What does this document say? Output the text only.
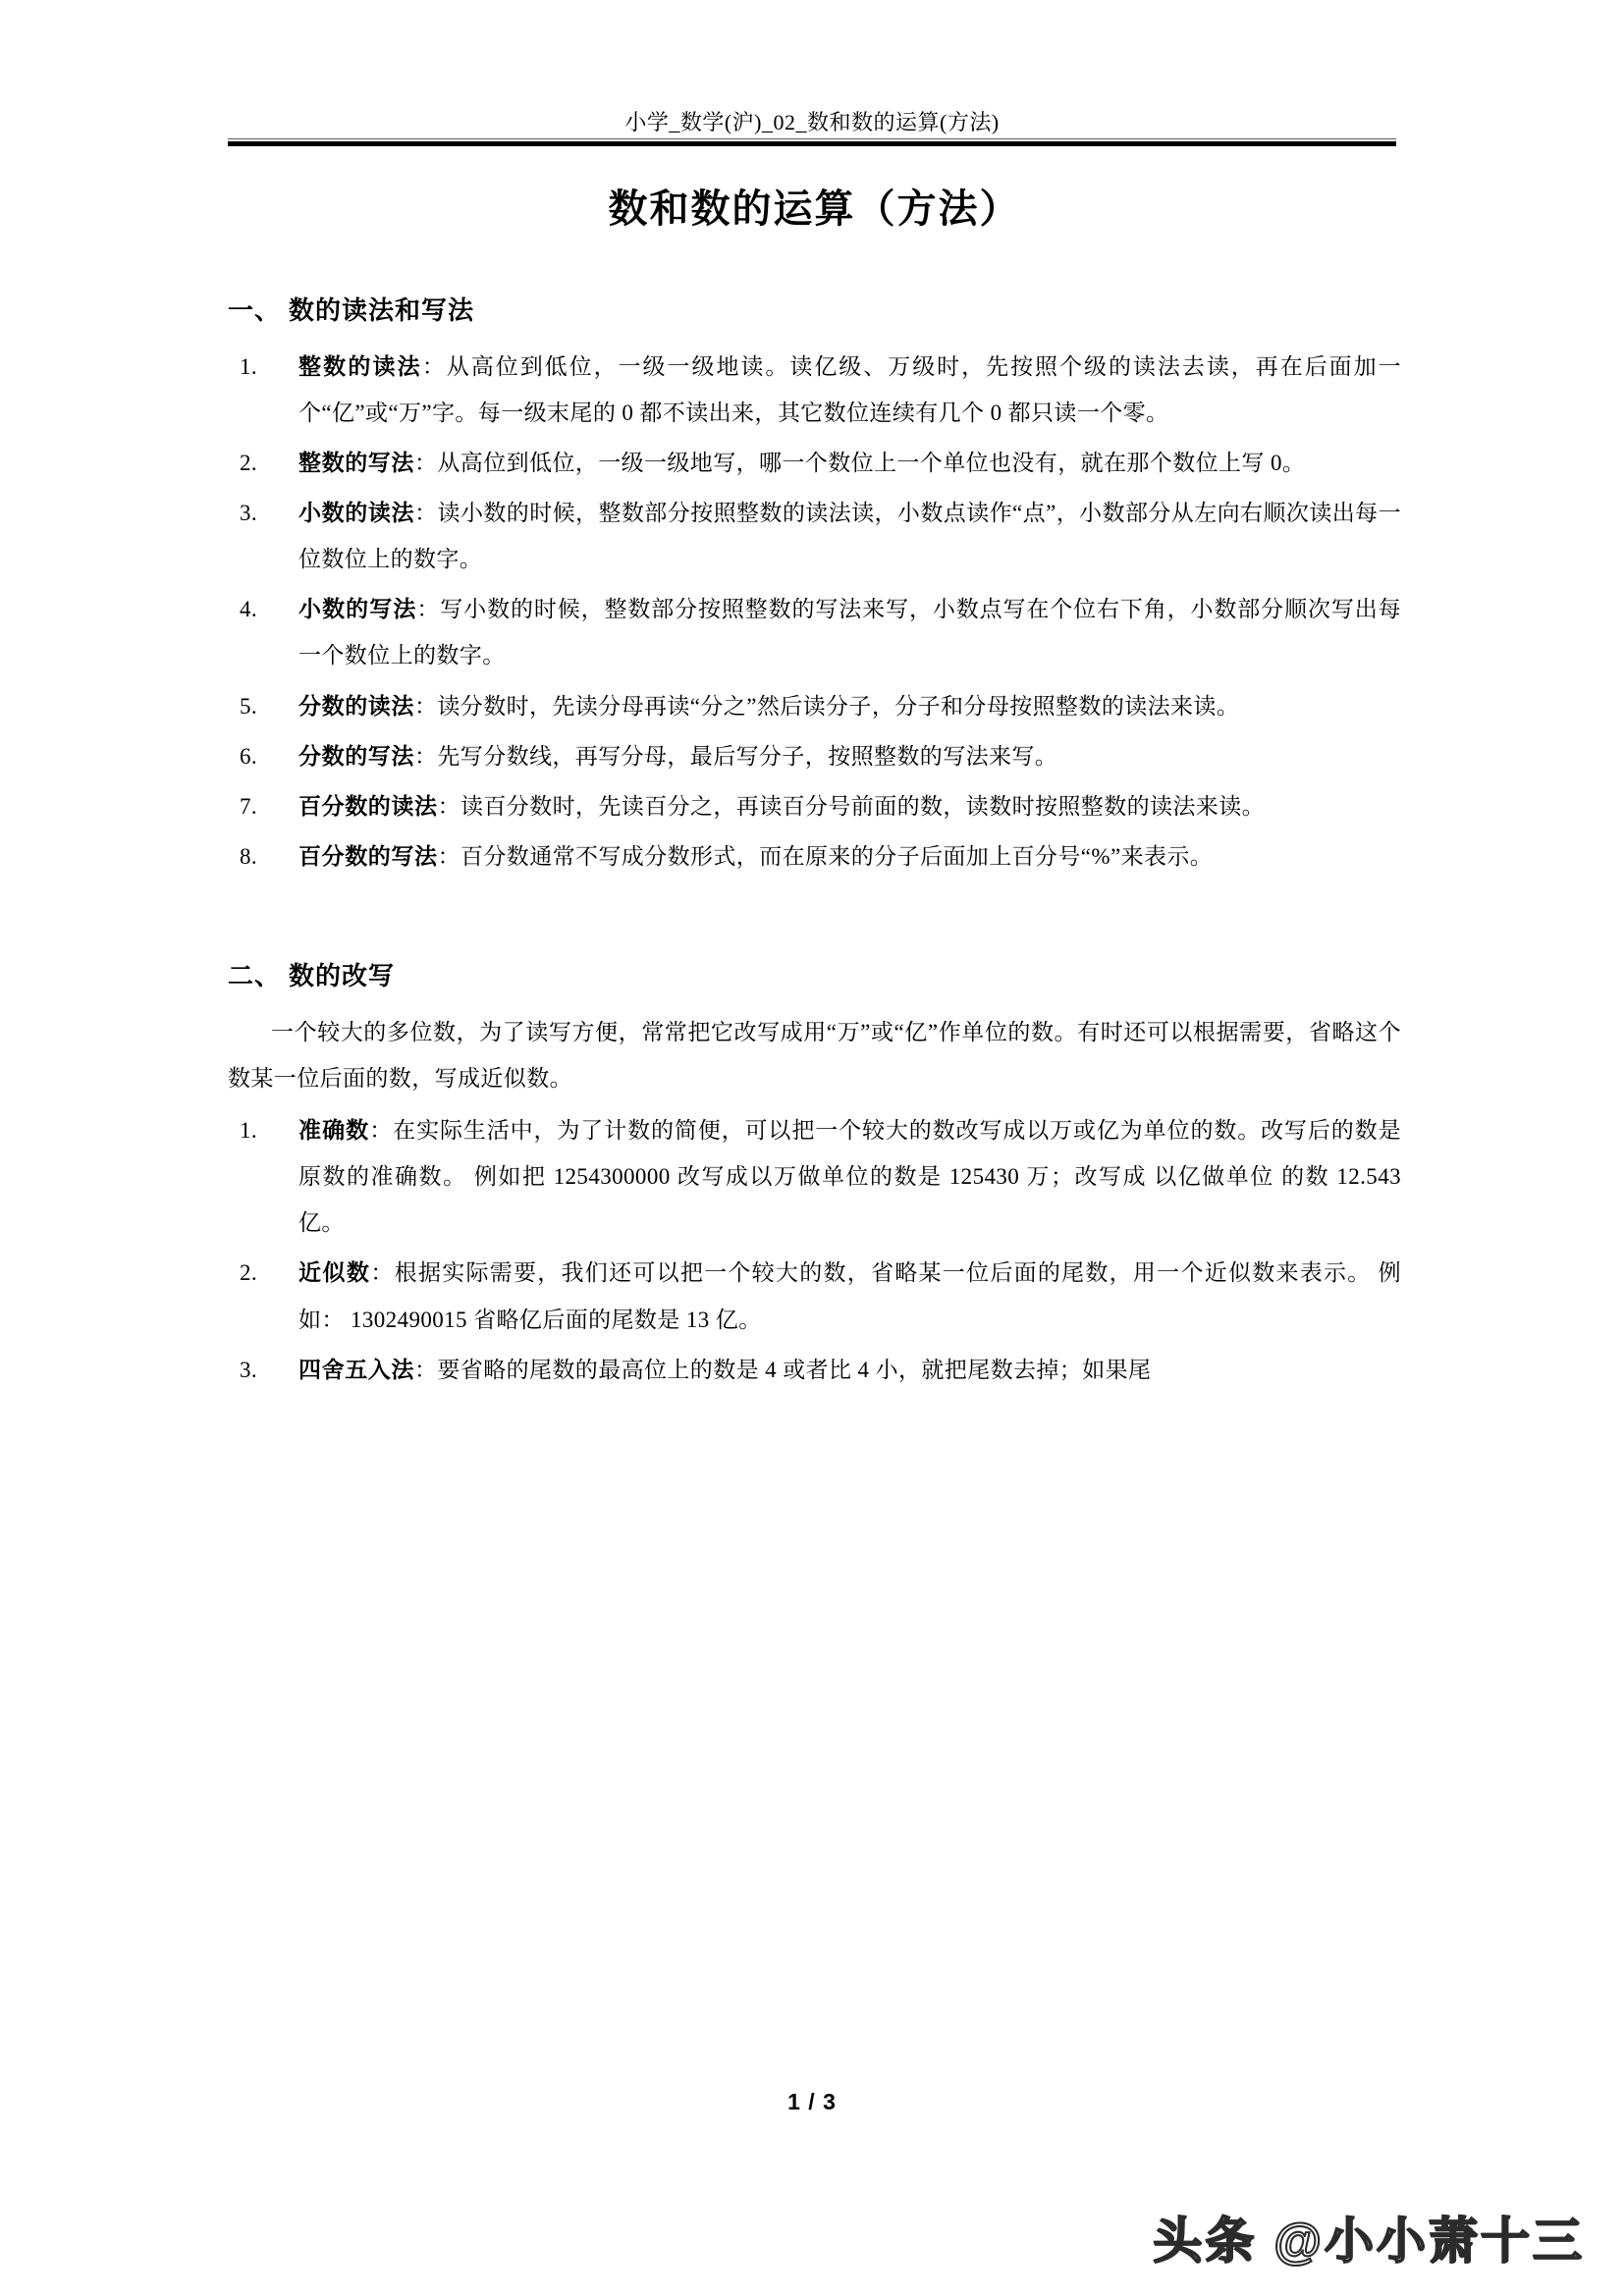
小学_数学(沪)_02_数和数的运算(方法)
数和数的运算（方法）
一、 数的读法和写法
1.	整数的读法：从高位到低位，一级一级地读。读亿级、万级时，先按照个级的读法去读，再在后面加一个“亿”或“万”字。每一级末尾的 0 都不读出来，其它数位连续有几个 0 都只读一个零。
2.	整数的写法：从高位到低位，一级一级地写，哪一个数位上一个单位也没有，就在那个数位上写 0。
3.	小数的读法：读小数的时候，整数部分按照整数的读法读，小数点读作“点”，小数部分从左向右顺次读出每一位数位上的数字。
4.	小数的写法：写小数的时候，整数部分按照整数的写法来写，小数点写在个位右下角，小数部分顺次写出每一个数位上的数字。
5.	分数的读法：读分数时，先读分母再读“分之”然后读分子，分子和分母按照整数的读法来读。
6.	分数的写法：先写分数线，再写分母，最后写分子，按照整数的写法来写。
7.	百分数的读法：读百分数时，先读百分之，再读百分号前面的数，读数时按照整数的读法来读。
8.	百分数的写法：百分数通常不写成分数形式，而在原来的分子后面加上百分号“%”来表示。
二、 数的改写

一个较大的多位数，为了读写方便，常常把它改写成用“万”或“亿”作单位的数。有时还可以根据需要，省略这个数某一位后面的数，写成近似数。

1.	准确数：在实际生活中，为了计数的简便，可以把一个较大的数改写成以万或亿为单位的数。改写后的数是原数的准确数。 例如把 1254300000 改写成以万做单位的数是 125430 万；改写成 以亿做单位 的数 12.543 亿。
2.	近似数：根据实际需要，我们还可以把一个较大的数，省略某一位后面的尾数，用一个近似数来表示。 例如： 1302490015 省略亿后面的尾数是 13 亿。
3.	四舍五入法：要省略的尾数的最高位上的数是 4 或者比 4 小，就把尾数去掉；如果尾
1 / 3
头条 @小小萧十三
